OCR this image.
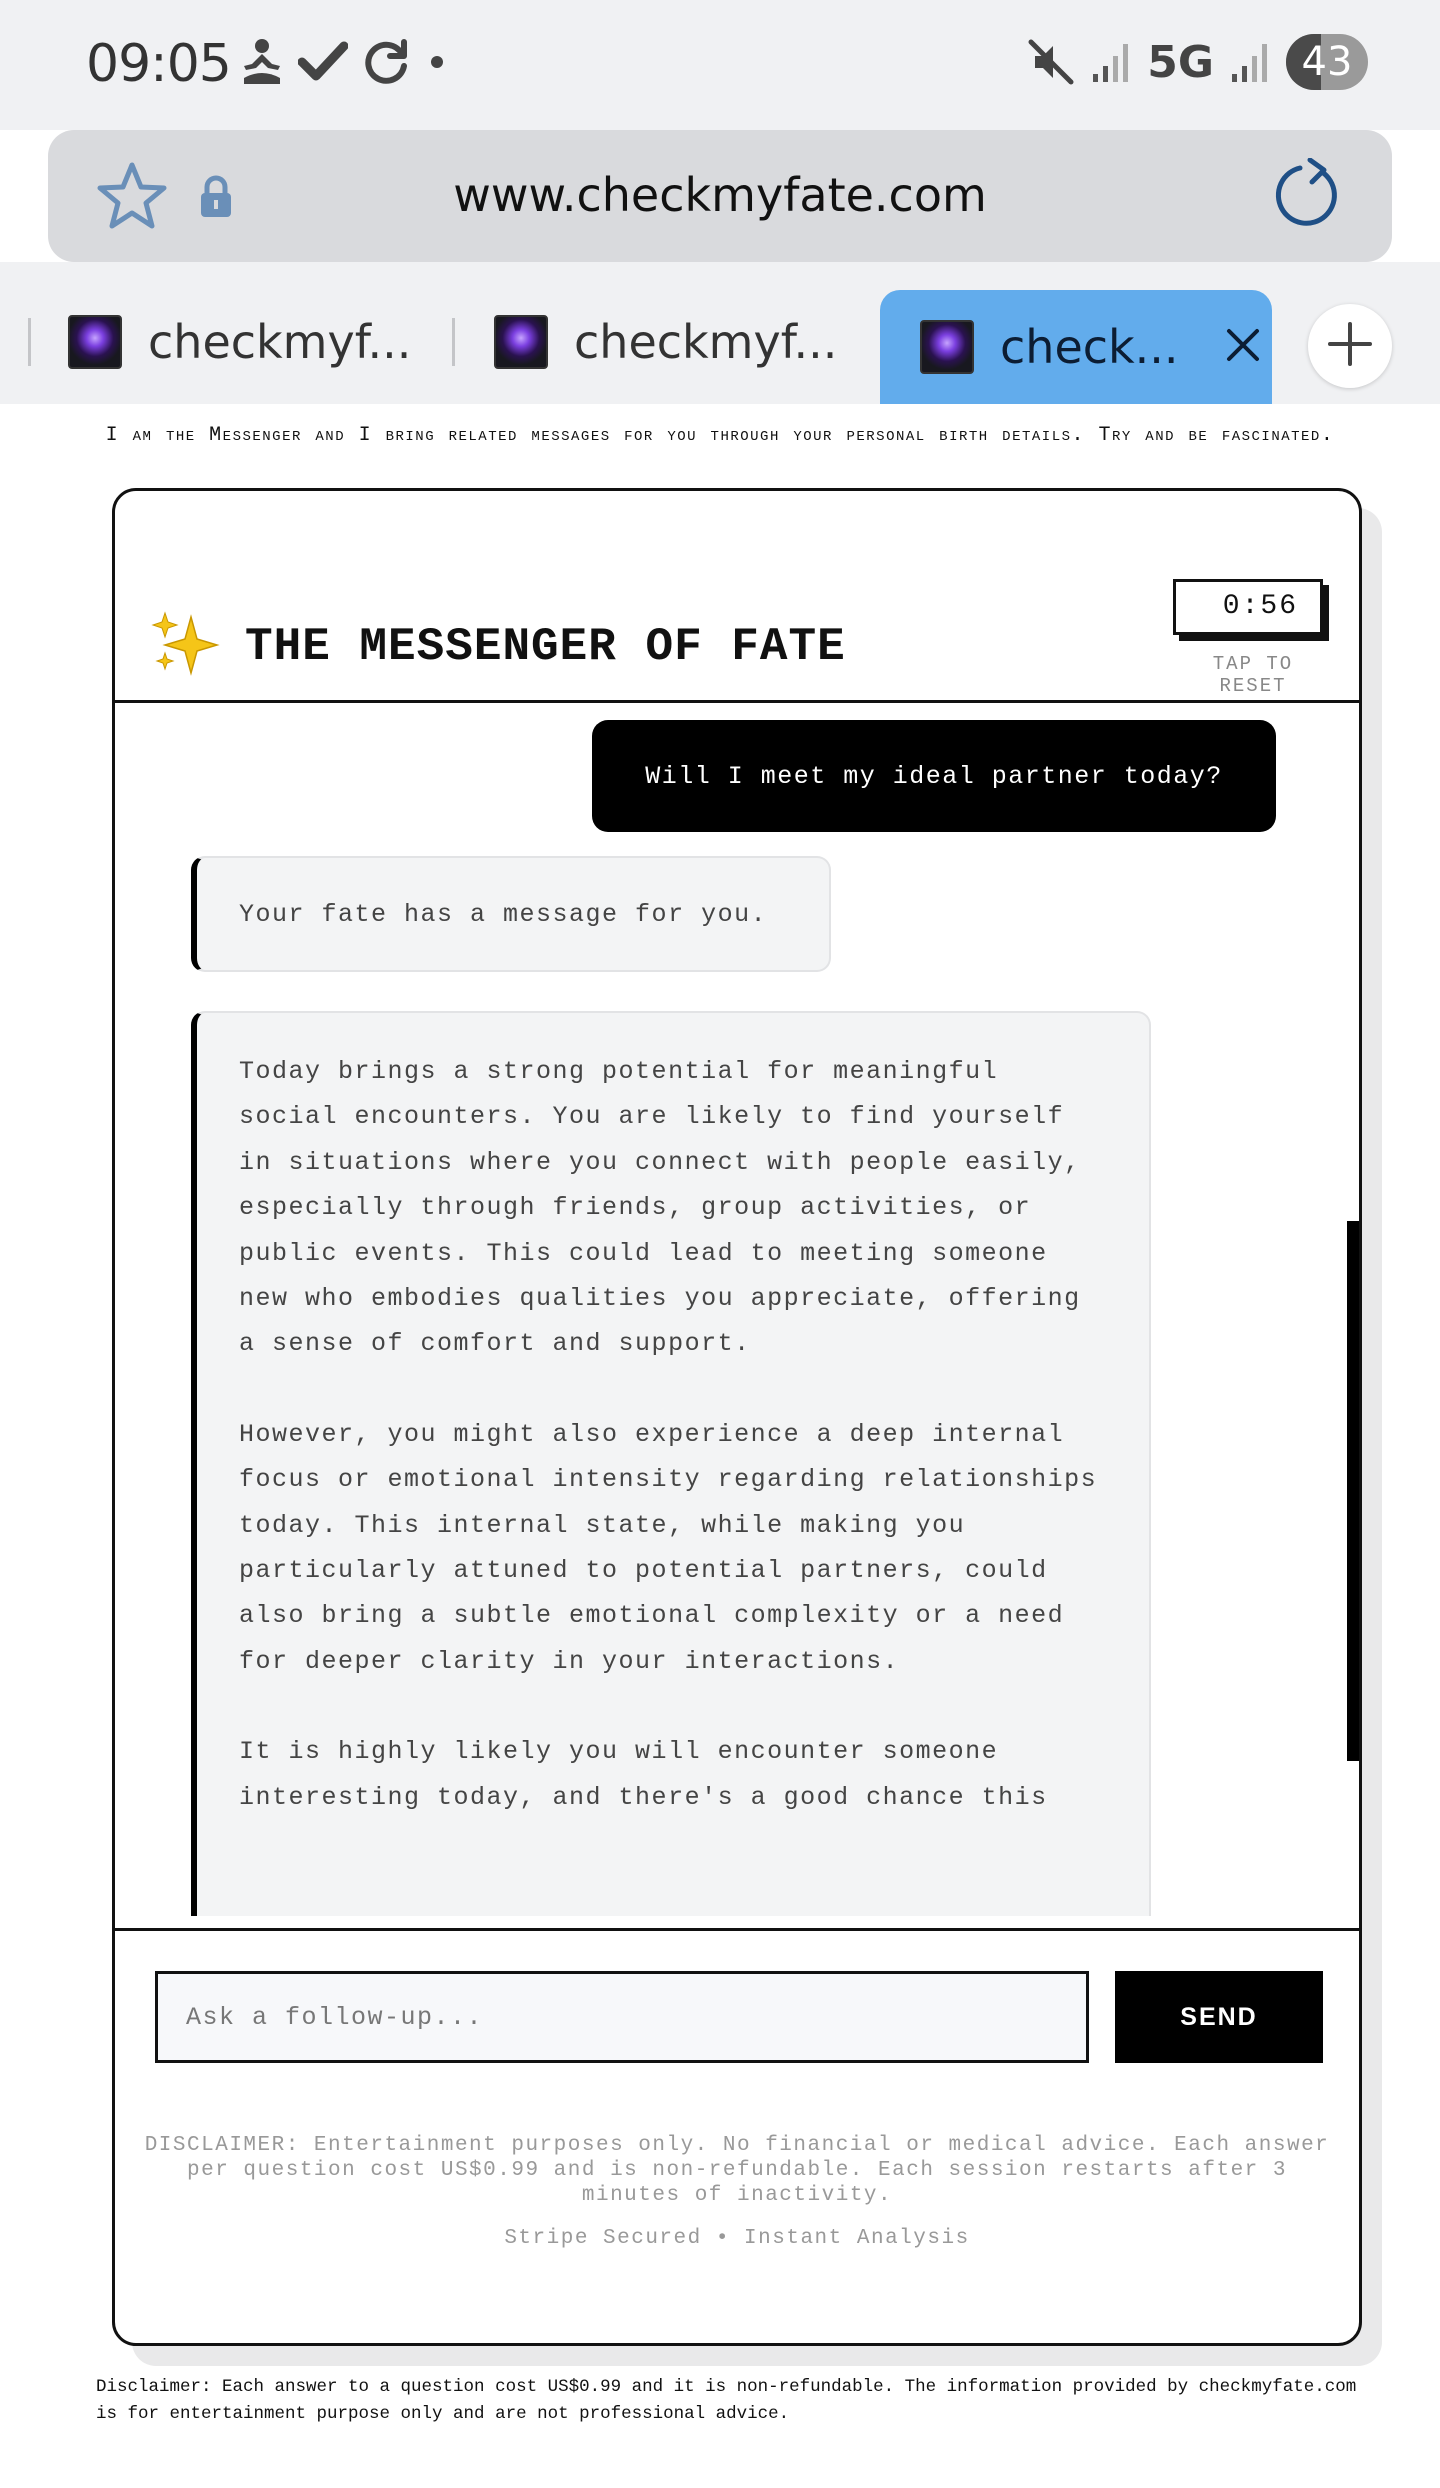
09:05	5G 43
www.checkmyfate.com
checkmyf...	checkmyf...	check...
I am the Messenger and I bring related messages for you through your personal birth details. Try and be fascinated.
THE MESSENGER OF FATE
0:56
TAP TO RESET
Will I meet my ideal partner today?
Your fate has a message for you.

Today brings a strong potential for meaningful social encounters. You are likely to find yourself in situations where you connect with people easily, especially through friends, group activities, or public events. This could lead to meeting someone new who embodies qualities you appreciate, offering a sense of comfort and support.

However, you might also experience a deep internal focus or emotional intensity regarding relationships today. This internal state, while making you particularly attuned to potential partners, could also bring a subtle emotional complexity or a need for deeper clarity in your interactions.

It is highly likely you will encounter someone interesting today, and there's a good chance this

Ask a follow-up...
SEND
DISCLAIMER: Entertainment purposes only. No financial or medical advice. Each answer per question cost US$0.99 and is non-refundable. Each session restarts after 3 minutes of inactivity.
Stripe Secured • Instant Analysis
Disclaimer: Each answer to a question cost US$0.99 and it is non-refundable. The information provided by checkmyfate.com is for entertainment purpose only and are not professional advice.
